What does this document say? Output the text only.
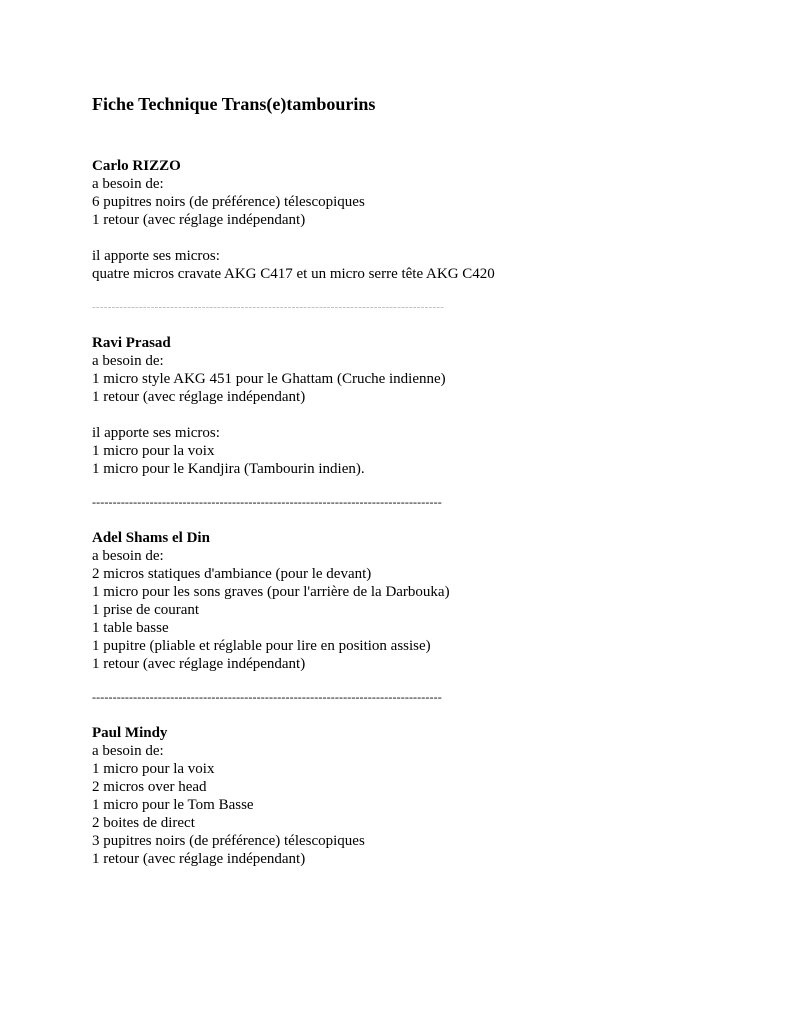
Fiche Technique Trans(e)tambourins
Carlo RIZZO
a besoin de:
6 pupitres noirs (de préférence) télescopiques
1 retour (avec réglage indépendant)
il apporte ses micros:
quatre micros cravate AKG C417 et un micro serre tête AKG C420
------------------------------------------------------------------------------------------
Ravi Prasad
a besoin de:
1 micro style AKG 451 pour le Ghattam (Cruche indienne)
1 retour (avec réglage indépendant)
il apporte ses micros:
1 micro pour la voix
1 micro pour le Kandjira (Tambourin indien).
-------------------------------------------------------------------------------------
Adel Shams el Din
a besoin de:
2 micros statiques d'ambiance (pour le devant)
1 micro pour les sons graves (pour l'arrière de la Darbouka)
1 prise de courant
1 table basse
1 pupitre (pliable et réglable pour lire en position assise)
1 retour (avec réglage indépendant)
-------------------------------------------------------------------------------------
Paul Mindy
a besoin de:
1 micro pour la voix
2 micros over head
1 micro pour le Tom Basse
2 boites de direct
3 pupitres noirs (de préférence) télescopiques
1 retour (avec réglage indépendant)
